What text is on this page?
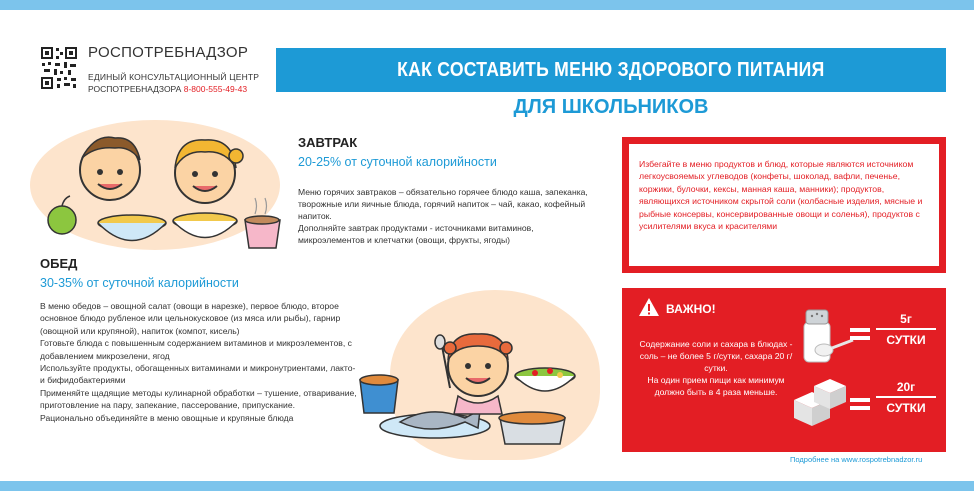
РОСПОТРЕБНАДЗОР
ЕДИНЫЙ КОНСУЛЬТАЦИОННЫЙ ЦЕНТР
РОСПОТРЕБНАДЗОРА 8-800-555-49-43
КАК СОСТАВИТЬ МЕНЮ ЗДОРОВОГО ПИТАНИЯ
ДЛЯ ШКОЛЬНИКОВ
ЗАВТРАК
20-25% от суточной калорийности
Меню горячих завтраков – обязательно горячее блюдо каша, запеканка, творожные или яичные блюда, горячий напиток – чай, какао, кофейный напиток.
Дополняйте завтрак продуктами - источниками витаминов, микроэлементов и клетчатки (овощи, фрукты, ягоды)
ОБЕД
30-35% от суточной калорийности
В меню обедов – овощной салат (овощи в нарезке), первое блюдо, второе основное блюдо рубленое или цельнокусковое (из мяса или рыбы), гарнир (овощной или крупяной), напиток (компот, кисель)
Готовьте блюда с повышенным содержанием витаминов и микроэлементов, с добавлением микрозелени, ягод
Используйте продукты, обогащенных витаминами и микронутриентами, лакто-и бифидобактериями
Применяйте щадящие методы кулинарной обработки – тушение, отваривание, приготовление на пару, запекание, пассерование, припускание.
Рационально объединяйте в меню овощные и крупяные блюда
Избегайте в меню продуктов и блюд, которые являются источником легкоусвояемых углеводов (конфеты, шоколад, вафли, печенье, коржики, булочки, кексы, манная каша, манники); продуктов, являющихся источником скрытой соли (колбасные изделия, мясные и рыбные консервы, консервированные овощи и соленья), продуктов с усилителями вкуса и красителями
ВАЖНО!
Содержание соли и сахара в блюдах - соль – не более 5 г/сутки, сахара 20 г/сутки.
На один прием пищи как минимум должно быть в 4 раза меньше.
5г
СУТКИ
20г
СУТКИ
Подробнее на www.rospotrebnadzor.ru
